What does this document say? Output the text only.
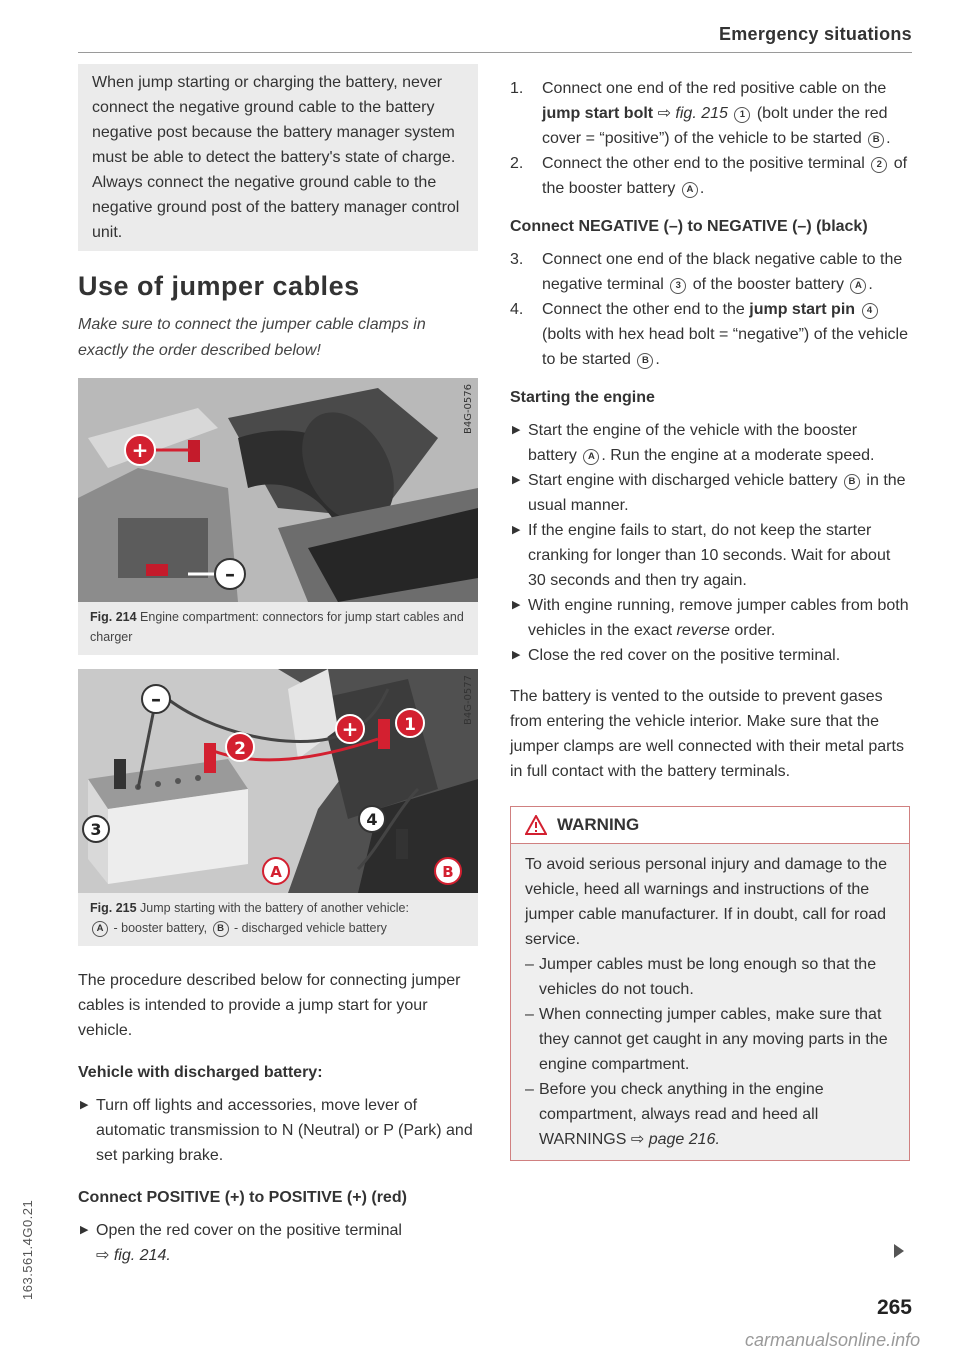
Emergency situations
When jump starting or charging the battery, never connect the negative ground cable to the battery negative post because the battery manager system must be able to detect the battery's state of charge. Always connect the negative ground cable to the negative ground post of the battery manager control unit.
Use of jumper cables

Make sure to connect the jumper cable clamps in exactly the order described below!

+
–
B4G-0576
Fig. 214 Engine compartment: connectors for jump start cables and charger
–
+	1
2
3
4
A	B
B4G-0577
Fig. 215 Jump starting with the battery of another vehicle:
A - booster battery, B - discharged vehicle battery

The procedure described below for connecting jumper cables is intended to provide a jump start for your vehicle.

Vehicle with discharged battery:
▶ Turn off lights and accessories, move lever of automatic transmission to N (Neutral) or P (Park) and set parking brake.
Connect POSITIVE (+) to POSITIVE (+) (red)
▶ Open the red cover on the positive terminal
⇨ fig. 214.
1. Connect one end of the red positive cable on the jump start bolt ⇨ fig. 215 1 (bolt under the red cover = “positive”) of the vehicle to be started B .
2. Connect the other end to the positive terminal 2 of the booster battery A .
Connect NEGATIVE (–) to NEGATIVE (–) (black)
3. Connect one end of the black negative cable to the negative terminal 3 of the booster battery A .
4. Connect the other end to the jump start pin 4 (bolts with hex head bolt = “negative”) of the vehicle to be started B .
Starting the engine
▶ Start the engine of the vehicle with the booster battery A . Run the engine at a moderate speed.
▶ Start engine with discharged vehicle battery B in the usual manner.
▶ If the engine fails to start, do not keep the starter cranking for longer than 10 seconds. Wait for about 30 seconds and then try again.
▶ With engine running, remove jumper cables from both vehicles in the exact reverse order.
▶ Close the red cover on the positive terminal.

The battery is vented to the outside to prevent gases from entering the vehicle interior. Make sure that the jumper clamps are well connected with their metal parts in full contact with the battery terminals.

WARNING
To avoid serious personal injury and damage to the vehicle, heed all warnings and instructions of the jumper cable manufacturer. If in doubt, call for road service.
– Jumper cables must be long enough so that the vehicles do not touch.
– When connecting jumper cables, make sure that they cannot get caught in any moving parts in the engine compartment.
– Before you check anything in the engine compartment, always read and heed all WARNINGS ⇨ page 216.
265
163.561.4G0.21
carmanualsonline.info
